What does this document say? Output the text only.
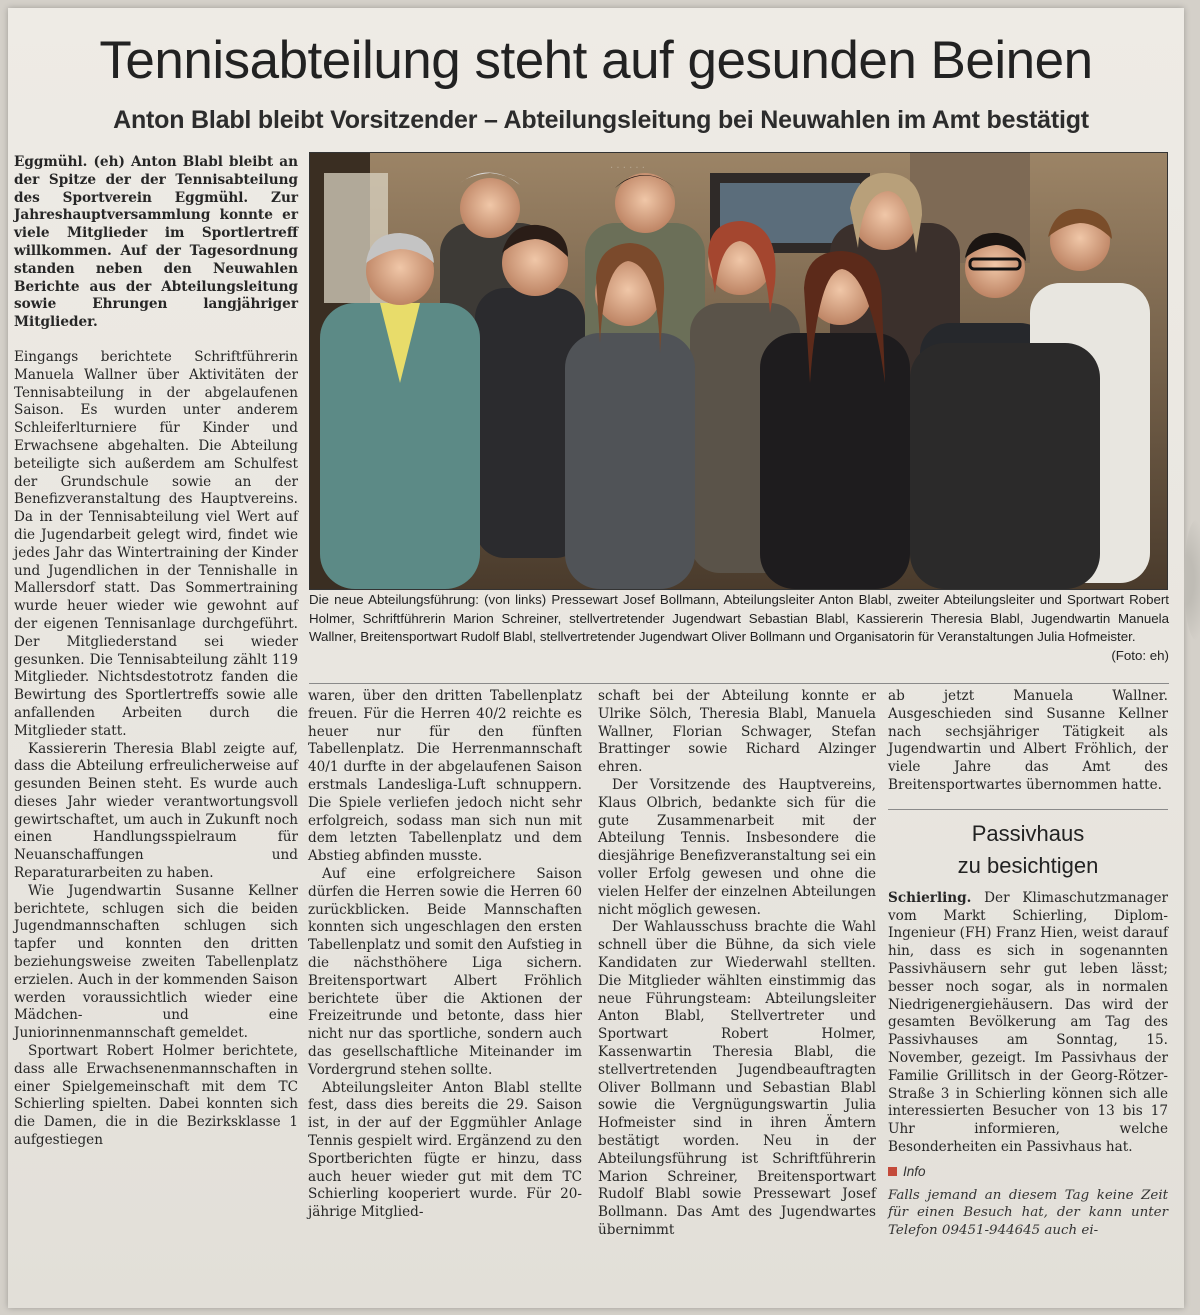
Tennisabteilung steht auf gesunden Beinen
Anton Blabl bleibt Vorsitzender – Abteilungsleitung bei Neuwahlen im Amt bestätigt

Eggmühl. (eh) Anton Blabl bleibt an der Spitze der der Tennisabteilung des Sportverein Eggmühl. Zur Jahreshauptversammlung konnte er viele Mitglieder im Sportlertreff willkommen. Auf der Tagesordnung standen neben den Neuwahlen Berichte aus der Abteilungsleitung sowie Ehrungen langjähriger Mitglieder.

Eingangs berichtete Schriftführerin Manuela Wallner über Aktivitäten der Tennisabteilung in der abgelaufenen Saison. Es wurden unter anderem Schleiferlturniere für Kinder und Erwachsene abgehalten. Die Abteilung beteiligte sich außerdem am Schulfest der Grundschule sowie an der Benefizveranstaltung des Hauptvereins. Da in der Tennisabteilung viel Wert auf die Jugendarbeit gelegt wird, findet wie jedes Jahr das Wintertraining der Kinder und Jugendlichen in der Tennishalle in Mallersdorf statt. Das Sommertraining wurde heuer wieder wie gewohnt auf der eigenen Tennisanlage durchgeführt. Der Mitgliederstand sei wieder gesunken. Die Tennisabteilung zählt 119 Mitglieder. Nichtsdestotrotz fanden die Bewirtung des Sportlertreffs sowie alle anfallenden Arbeiten durch die Mitglieder statt.

Kassiererin Theresia Blabl zeigte auf, dass die Abteilung erfreulicherweise auf gesunden Beinen steht. Es wurde auch dieses Jahr wieder verantwortungsvoll gewirtschaftet, um auch in Zukunft noch einen Handlungsspielraum für Neuanschaffungen und Reparaturarbeiten zu haben.

Wie Jugendwartin Susanne Kellner berichtete, schlugen sich die beiden Jugendmannschaften schlugen sich tapfer und konnten den dritten beziehungsweise zweiten Tabellenplatz erzielen. Auch in der kommenden Saison werden voraussichtlich wieder eine Mädchen- und eine Juniorinnenmannschaft gemeldet.

Sportwart Robert Holmer berichtete, dass alle Erwachsenenmannschaften in einer Spielgemeinschaft mit dem TC Schierling spielten. Dabei konnten sich die Damen, die in die Bezirksklasse 1 aufgestiegen

· · · · · ·
Die neue Abteilungsführung: (von links) Pressewart Josef Bollmann, Abteilungsleiter Anton Blabl, zweiter Abteilungsleiter und Sportwart Robert Holmer, Schriftführerin Marion Schreiner, stellvertretender Jugendwart Sebastian Blabl, Kassiererin Theresia Blabl, Jugendwartin Manuela Wallner, Breitensportwart Rudolf Blabl, stellvertretender Jugendwart Oliver Bollmann und Organisatorin für Veranstaltungen Julia Hofmeister.
(Foto: eh)

waren, über den dritten Tabellenplatz freuen. Für die Herren 40/2 reichte es heuer nur für den fünften Tabellenplatz. Die Herrenmannschaft 40/1 durfte in der abgelaufenen Saison erstmals Landesliga-Luft schnuppern. Die Spiele verliefen jedoch nicht sehr erfolgreich, sodass man sich nun mit dem letzten Tabellenplatz und dem Abstieg abfinden musste.

Auf eine erfolgreichere Saison dürfen die Herren sowie die Herren 60 zurückblicken. Beide Mannschaften konnten sich ungeschlagen den ersten Tabellenplatz und somit den Aufstieg in die nächsthöhere Liga sichern. Breitensportwart Albert Fröhlich berichtete über die Aktionen der Freizeitrunde und betonte, dass hier nicht nur das sportliche, sondern auch das gesellschaftliche Miteinander im Vordergrund stehen sollte.

Abteilungsleiter Anton Blabl stellte fest, dass dies bereits die 29. Saison ist, in der auf der Eggmühler Anlage Tennis gespielt wird. Ergänzend zu den Sportberichten fügte er hinzu, dass auch heuer wieder gut mit dem TC Schierling kooperiert wurde. Für 20-jährige Mitglied-

schaft bei der Abteilung konnte er Ulrike Sölch, Theresia Blabl, Manuela Wallner, Florian Schwager, Stefan Brattinger sowie Richard Alzinger ehren.

Der Vorsitzende des Hauptvereins, Klaus Olbrich, bedankte sich für die gute Zusammenarbeit mit der Abteilung Tennis. Insbesondere die diesjährige Benefizveranstaltung sei ein voller Erfolg gewesen und ohne die vielen Helfer der einzelnen Abteilungen nicht möglich gewesen.

Der Wahlausschuss brachte die Wahl schnell über die Bühne, da sich viele Kandidaten zur Wiederwahl stellten. Die Mitglieder wählten einstimmig das neue Führungsteam: Abteilungsleiter Anton Blabl, Stellvertreter und Sportwart Robert Holmer, Kassenwartin Theresia Blabl, die stellvertretenden Jugendbeauftragten Oliver Bollmann und Sebastian Blabl sowie die Vergnügungswartin Julia Hofmeister sind in ihren Ämtern bestätigt worden. Neu in der Abteilungsführung ist Schriftführerin Marion Schreiner, Breitensportwart Rudolf Blabl sowie Pressewart Josef Bollmann. Das Amt des Jugendwartes übernimmt

ab jetzt Manuela Wallner. Ausgeschieden sind Susanne Kellner nach sechsjähriger Tätigkeit als Jugendwartin und Albert Fröhlich, der viele Jahre das Amt des Breitensportwartes übernommen hatte.

Passivhaus
zu besichtigen

Schierling. Der Klimaschutzmanager vom Markt Schierling, Diplom-Ingenieur (FH) Franz Hien, weist darauf hin, dass es sich in sogenannten Passivhäusern sehr gut leben lässt; besser noch sogar, als in normalen Niedrigenergiehäusern. Das wird der gesamten Bevölkerung am Tag des Passivhauses am Sonntag, 15. November, gezeigt. Im Passivhaus der Familie Grillitsch in der Georg-Rötzer-Straße 3 in Schierling können sich alle interessierten Besucher von 13 bis 17 Uhr informieren, welche Besonderheiten ein Passivhaus hat.

Info

Falls jemand an diesem Tag keine Zeit für einen Besuch hat, der kann unter Telefon 09451-944645 auch ei-
